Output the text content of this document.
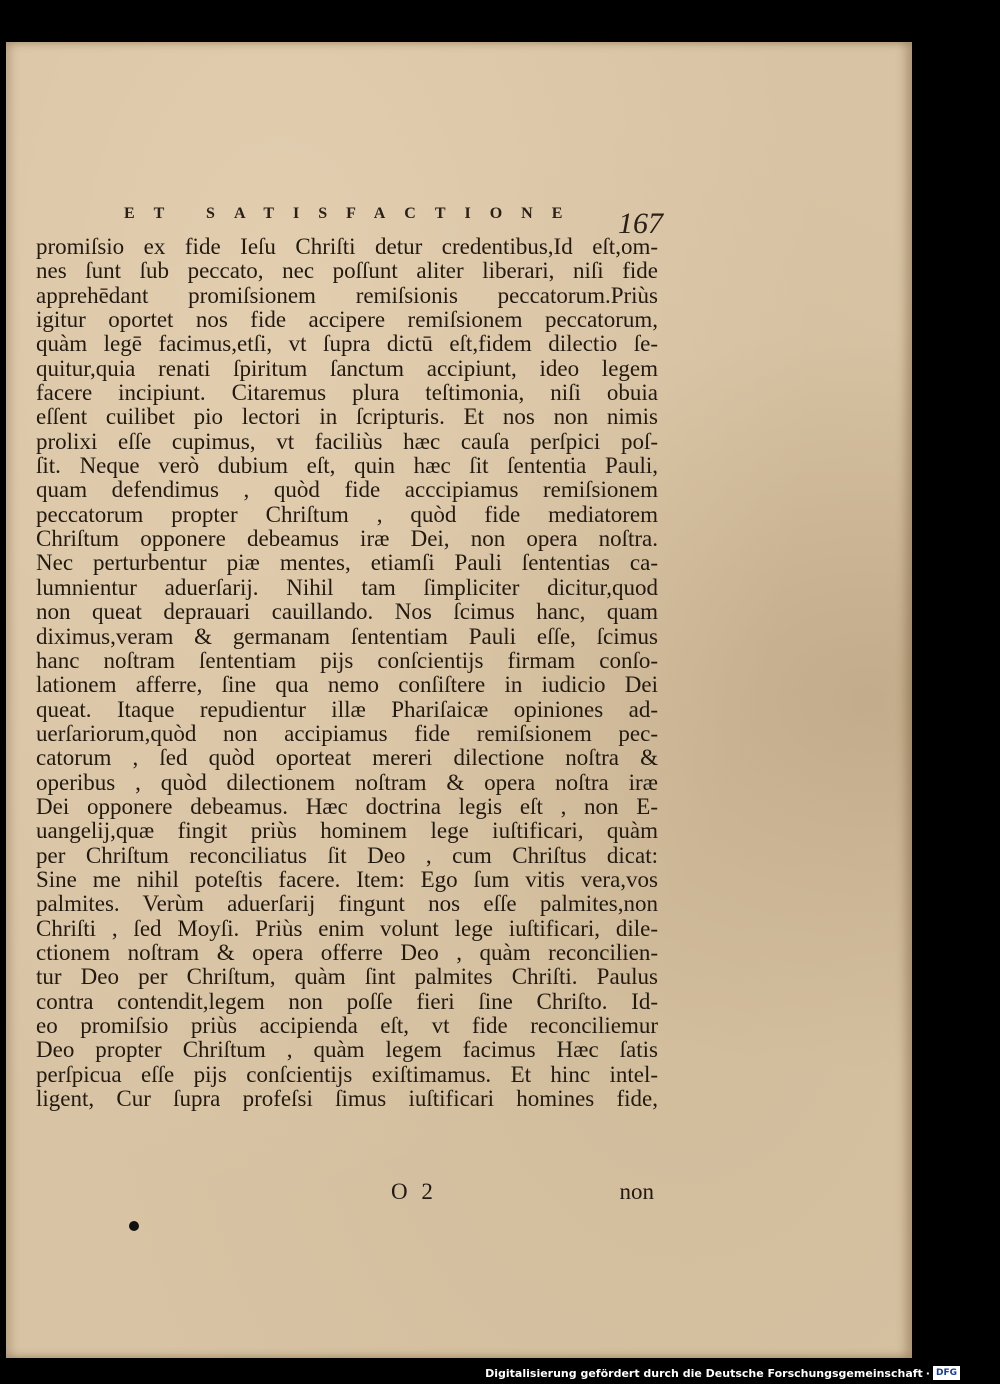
ET SATISFACTIONE 167
promiſsio ex fide Ieſu Chriſti detur credentibus,Id eſt,om-
nes ſunt ſub peccato, nec poſſunt aliter liberari, niſi fide
apprehēdant promiſsionem remiſsionis peccatorum.Priùs
igitur oportet nos fide accipere remiſsionem peccatorum,
quàm legē facimus,etſi, vt ſupra dictū eſt,fidem dilectio ſe-
quitur,quia renati ſpiritum ſanctum accipiunt, ideo legem
facere incipiunt. Citaremus plura teſtimonia, niſi obuia
eſſent cuilibet pio lectori in ſcripturis. Et nos non nimis
prolixi eſſe cupimus, vt faciliùs hæc cauſa perſpici poſ-
ſit. Neque verò dubium eſt, quin hæc ſit ſententia Pauli,
quam defendimus , quòd fide acccipiamus remiſsionem
peccatorum propter Chriſtum , quòd fide mediatorem
Chriſtum opponere debeamus iræ Dei, non opera noſtra.
Nec perturbentur piæ mentes, etiamſi Pauli ſententias ca-
lumnientur aduerſarij. Nihil tam ſimpliciter dicitur,quod
non queat deprauari cauillando. Nos ſcimus hanc, quam
diximus,veram & germanam ſententiam Pauli eſſe, ſcimus
hanc noſtram ſententiam pijs conſcientijs firmam conſo-
lationem afferre, ſine qua nemo conſiſtere in iudicio Dei
queat. Itaque repudientur illæ Phariſaicæ opiniones ad-
uerſariorum,quòd non accipiamus fide remiſsionem pec-
catorum , ſed quòd oporteat mereri dilectione noſtra &
operibus , quòd dilectionem noſtram & opera noſtra iræ
Dei opponere debeamus. Hæc doctrina legis eſt , non E-
uangelij,quæ fingit priùs hominem lege iuſtificari, quàm
per Chriſtum reconciliatus ſit Deo , cum Chriſtus dicat:
Sine me nihil poteſtis facere. Item: Ego ſum vitis vera,vos
palmites. Verùm aduerſarij fingunt nos eſſe palmites,non
Chriſti , ſed Moyſi. Priùs enim volunt lege iuſtificari, dile-
ctionem noſtram & opera offerre Deo , quàm reconcilien-
tur Deo per Chriſtum, quàm ſint palmites Chriſti. Paulus
contra contendit,legem non poſſe fieri ſine Chriſto. Id-
eo promiſsio priùs accipienda eſt, vt fide reconciliemur
Deo propter Chriſtum , quàm legem facimus Hæc ſatis
perſpicua eſſe pijs conſcientijs exiſtimamus. Et hinc intel-
ligent, Cur ſupra profeſsi ſimus iuſtificari homines fide,
O 2	non
Digitalisierung gefördert durch die Deutsche Forschungsgemeinschaft · DFG
